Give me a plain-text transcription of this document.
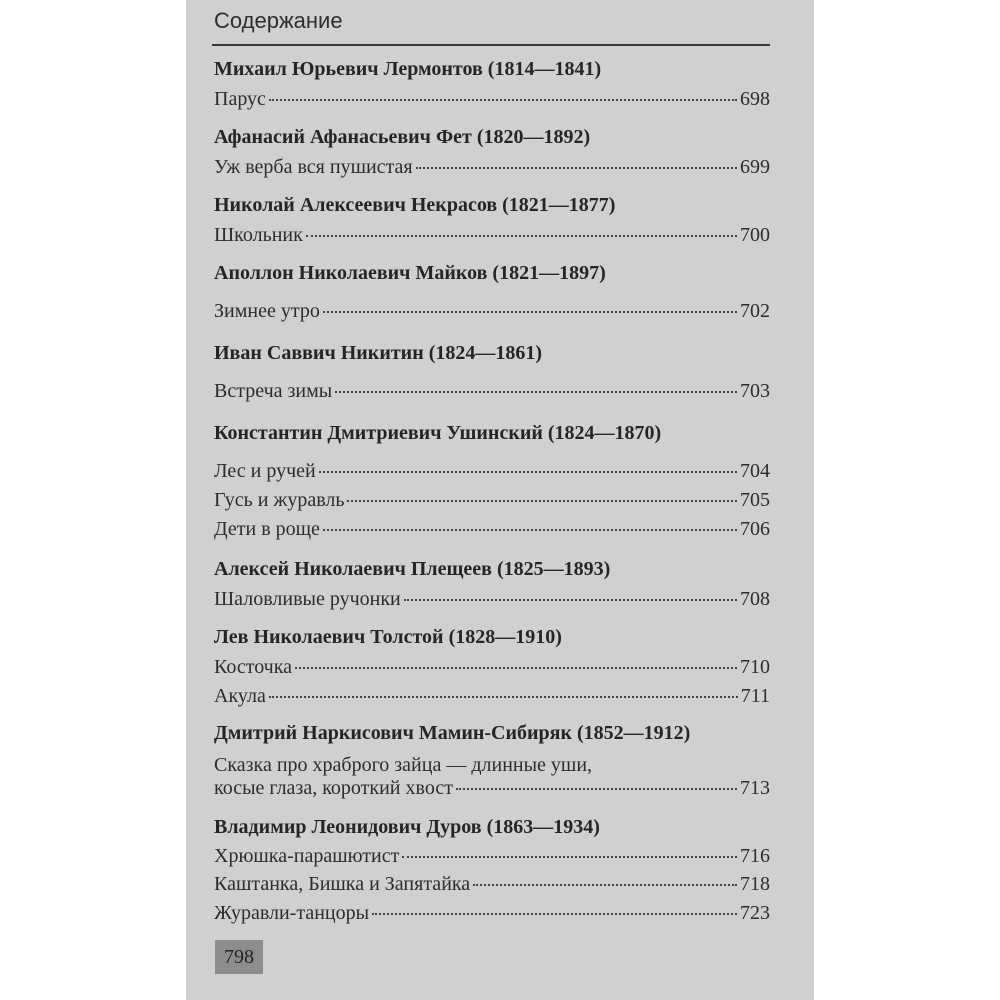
Содержание
Михаил Юрьевич Лермонтов (1814—1841)
Парус	698
Афанасий Афанасьевич Фет (1820—1892)
Уж верба вся пушистая	699
Николай Алексеевич Некрасов (1821—1877)
Школьник	700
Аполлон Николаевич Майков (1821—1897)
Зимнее утро	702
Иван Саввич Никитин (1824—1861)
Встреча зимы	703
Константин Дмитриевич Ушинский (1824—1870)
Лес и ручей	704
Гусь и журавль	705
Дети в роще	706
Алексей Николаевич Плещеев (1825—1893)
Шаловливые ручонки	708
Лев Николаевич Толстой (1828—1910)
Косточка	710
Акула	711
Дмитрий Наркисович Мамин-Сибиряк (1852—1912)
Сказка про храброго зайца — длинные уши,
косые глаза, короткий хвост	713
Владимир Леонидович Дуров (1863—1934)
Хрюшка-парашютист	716
Каштанка, Бишка и Запятайка	718
Журавли-танцоры	723
798
